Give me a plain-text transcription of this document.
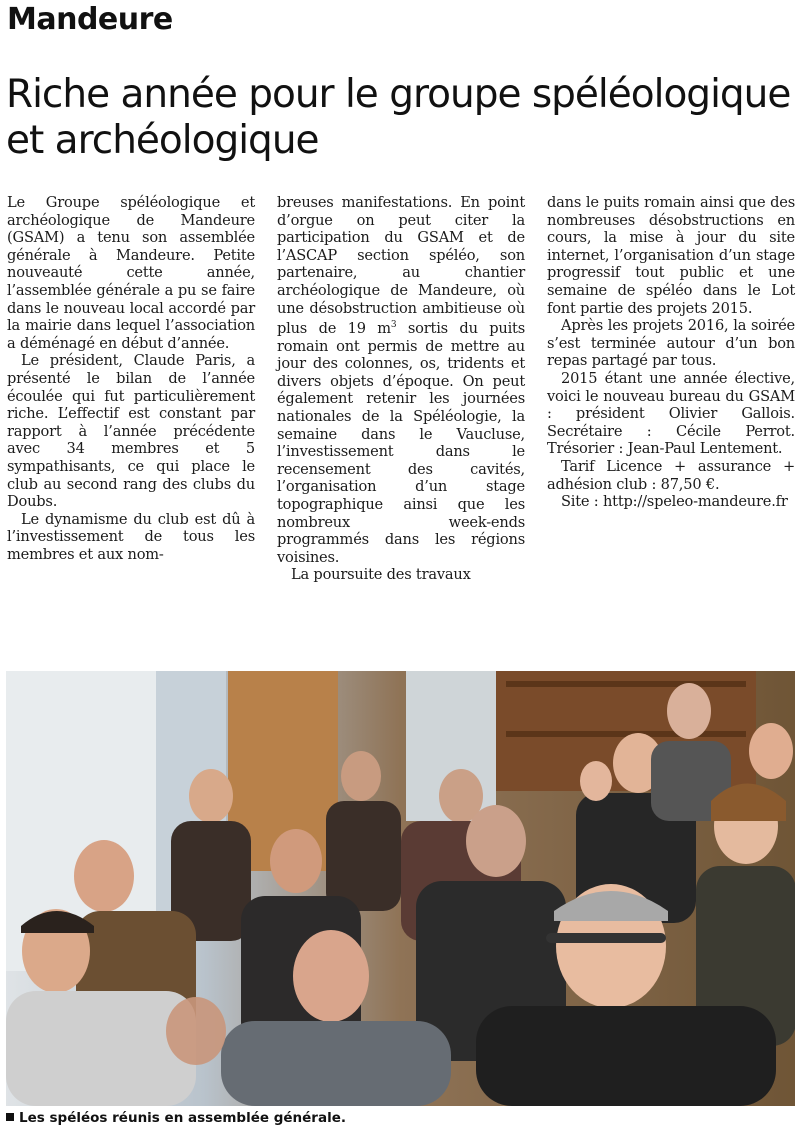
Mandeure
Riche année pour le groupe spéléologique et archéologique

Le Groupe spéléologique et archéologique de Mandeure (GSAM) a tenu son assemblée générale à Mandeure. Petite nouveauté cette année, l’assemblée générale a pu se faire dans le nouveau local accordé par la mairie dans lequel l’association a déménagé en début d’année.

Le président, Claude Paris, a présenté le bilan de l’année écoulée qui fut particulièrement riche. L’effectif est constant par rapport à l’année précédente avec 34 membres et 5 sympathisants, ce qui place le club au second rang des clubs du Doubs.

Le dynamisme du club est dû à l’investissement de tous les membres et aux nom-

breuses manifestations. En point d’orgue on peut citer la participation du GSAM et de l’ASCAP section spéléo, son partenaire, au chantier archéologique de Mandeure, où une désobstruction ambitieuse où plus de 19 $m^3$ sortis du puits romain ont permis de mettre au jour des colonnes, os, tridents et divers objets d’époque. On peut également retenir les journées nationales de la Spéléologie, la semaine dans le Vaucluse, l’investissement dans le recensement des cavités, l’organisation d’un stage topographique ainsi que les nombreux week-ends programmés dans les régions voisines.

La poursuite des travaux

dans le puits romain ainsi que des nombreuses désobstructions en cours, la mise à jour du site internet, l’organisation d’un stage progressif tout public et une semaine de spéléo dans le Lot font partie des projets 2015.

Après les projets 2016, la soirée s’est terminée autour d’un bon repas partagé par tous.

2015 étant une année élective, voici le nouveau bureau du GSAM : président Olivier Gallois. Secrétaire : Cécile Perrot. Trésorier : Jean-Paul Lentement.

Tarif Licence + assurance + adhésion club : 87,50 €.

Site : http://speleo-mandeure.fr

Les spéléos réunis en assemblée générale.
